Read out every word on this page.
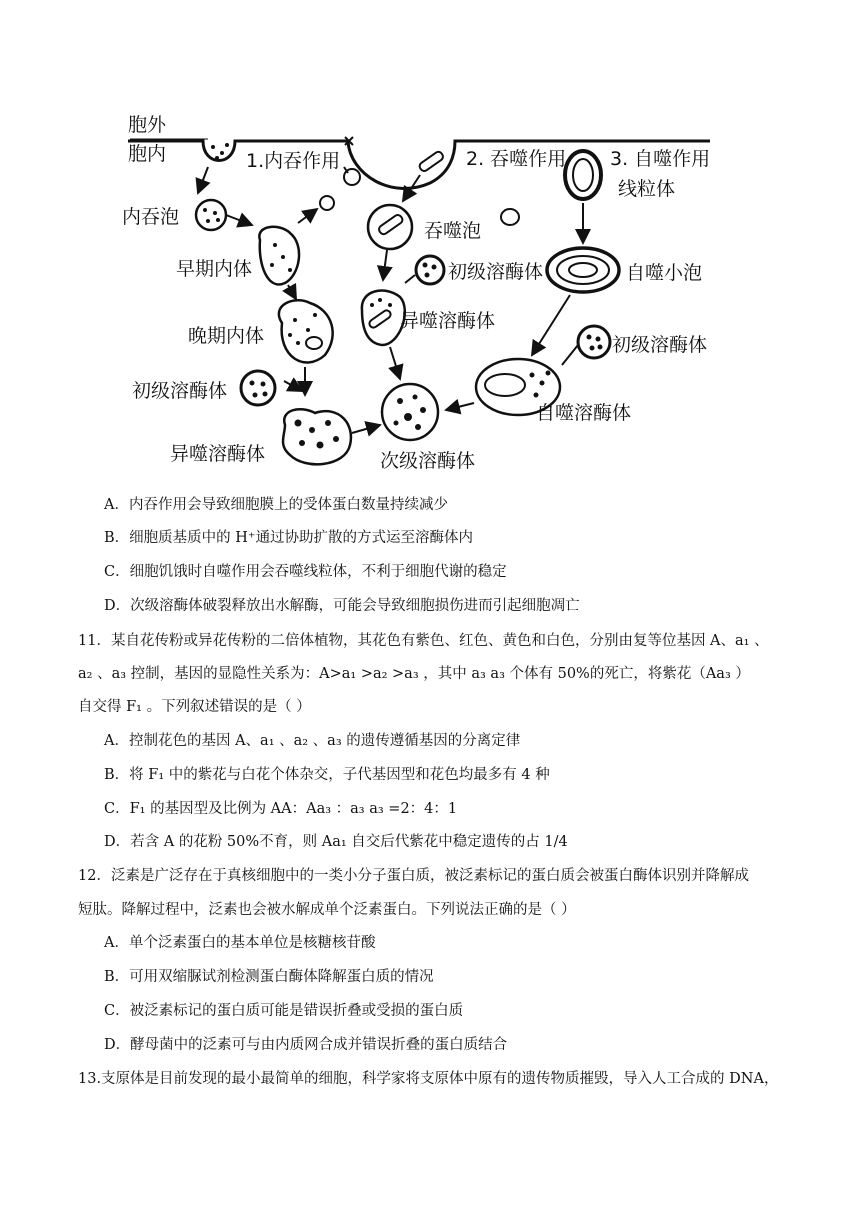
胞外
胞内	1.内吞作用	2. 吞噬作用 3. 自噬作用
线粒体
内吞泡
早期内体
晚期内体
初级溶酶体
异噬溶酶体
吞噬泡
初级溶酶体
异噬溶酶体
次级溶酶体
自噬小泡
初级溶酶体
自噬溶酶体
A．内吞作用会导致细胞膜上的受体蛋白数量持续减少
B．细胞质基质中的 H⁺通过协助扩散的方式运至溶酶体内
C．细胞饥饿时自噬作用会吞噬线粒体，不利于细胞代谢的稳定
D．次级溶酶体破裂释放出水解酶，可能会导致细胞损伤进而引起细胞凋亡
11．某自花传粉或异花传粉的二倍体植物，其花色有紫色、红色、黄色和白色，分别由复等位基因 A、a₁ 、
a₂ 、a₃ 控制，基因的显隐性关系为：A>a₁ >a₂ >a₃ ，其中 a₃ a₃ 个体有 50%的死亡，将紫花（Aa₃ ）
自交得 F₁ 。下列叙述错误的是（ ）
A．控制花色的基因 A、a₁ 、a₂ 、a₃ 的遗传遵循基因的分离定律
B．将 F₁ 中的紫花与白花个体杂交，子代基因型和花色均最多有 4 种
C．F₁ 的基因型及比例为 AA：Aa₃ ：a₃ a₃ =2：4：1
D．若含 A 的花粉 50%不育，则 Aa₁ 自交后代紫花中稳定遗传的占 1/4
12．泛素是广泛存在于真核细胞中的一类小分子蛋白质，被泛素标记的蛋白质会被蛋白酶体识别并降解成
短肽。降解过程中，泛素也会被水解成单个泛素蛋白。下列说法正确的是（ ）
A．单个泛素蛋白的基本单位是核糖核苷酸
B．可用双缩脲试剂检测蛋白酶体降解蛋白质的情况
C．被泛素标记的蛋白质可能是错误折叠或受损的蛋白质
D．酵母菌中的泛素可与由内质网合成并错误折叠的蛋白质结合
13.支原体是目前发现的最小最简单的细胞，科学家将支原体中原有的遗传物质摧毁，导入人工合成的 DNA，
